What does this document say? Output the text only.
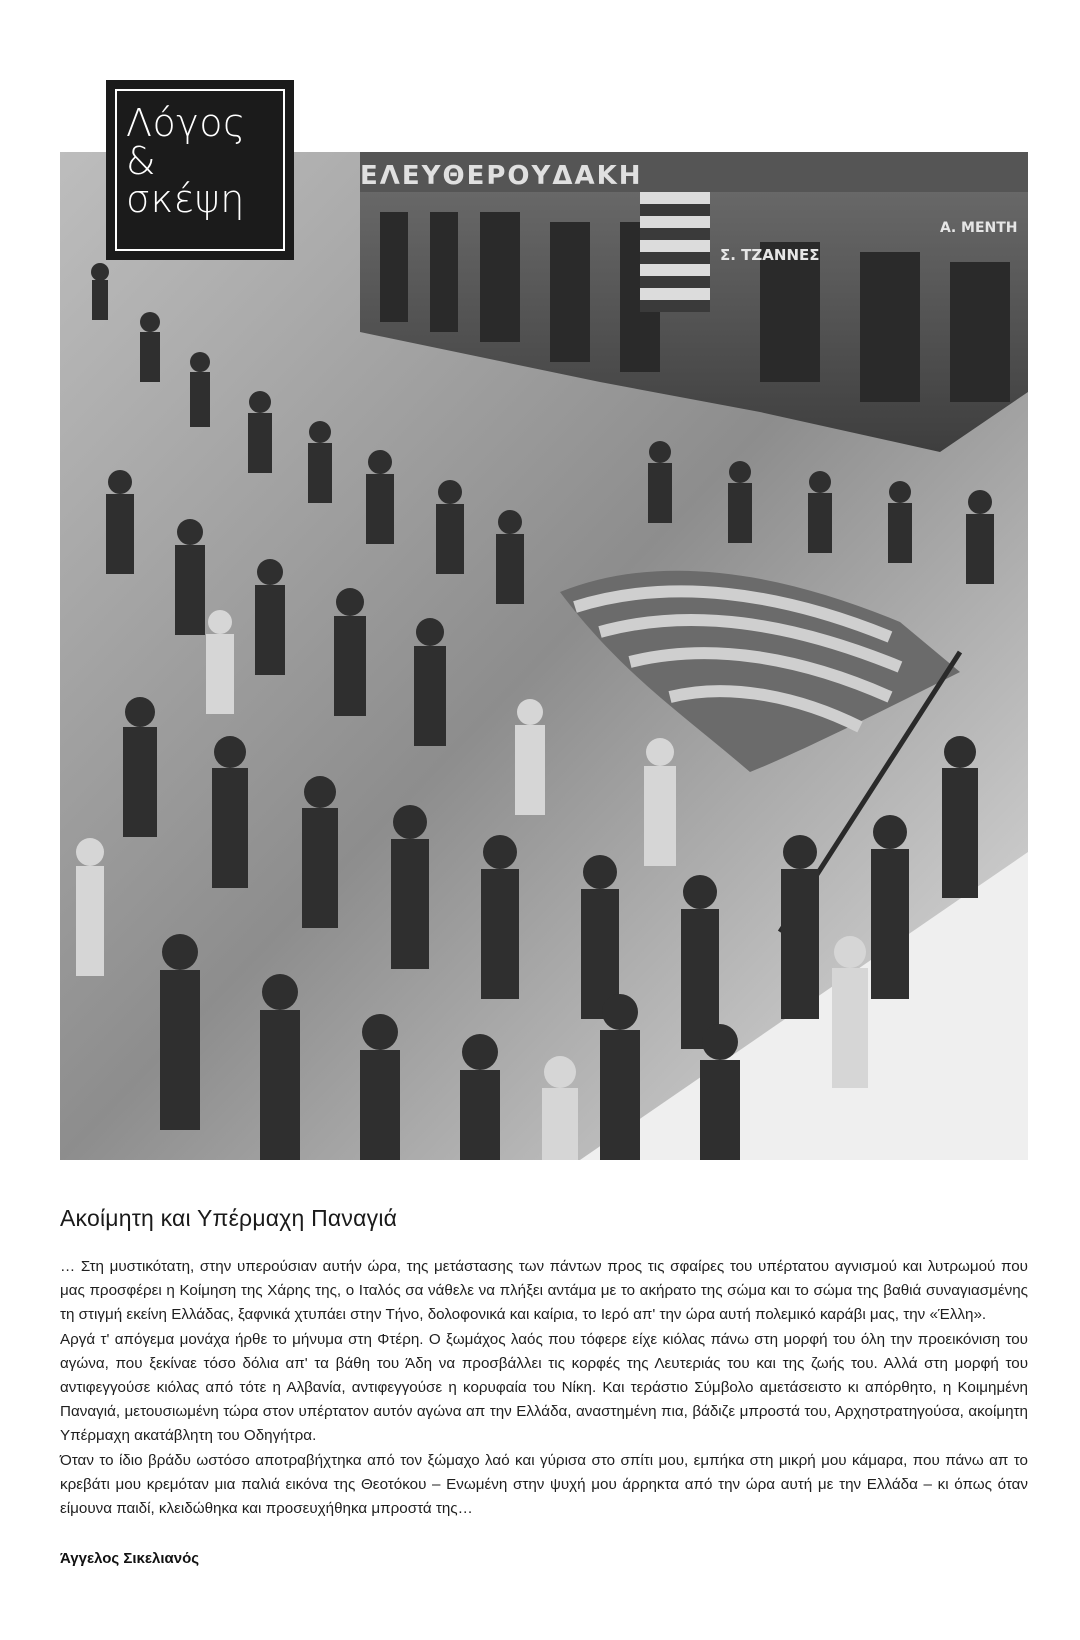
ΕΛΕΥΘΕΡΟΥΔΑΚΗ
Σ. ΤΖΑΝΝΕΣ
Α. ΜΕΝΤΗ
Λόγος
&
σκέψη
Ακοίμητη και Υπέρμαχη Παναγιά

… Στη μυστικότατη, στην υπερούσιαν αυτήν ώρα, της μετάστασης των πάντων προς τις σφαίρες του υπέρτατου αγνισμού και λυτρωμού που μας προσφέρει η Κοίμηση της Χάρης της, ο Ιταλός σα νάθελε να πλήξει αντάμα με το ακήρατο της σώμα και το σώμα της βαθιά συναγιασμένης τη στιγμή εκείνη Ελλάδας, ξαφνικά χτυπάει στην Τήνο, δολοφονικά και καίρια, το Ιερό απ' την ώρα αυτή πολεμικό καράβι μας, την «Έλλη».

Αργά τ' απόγεμα μονάχα ήρθε το μήνυμα στη Φτέρη. Ο ξωμάχος λαός που τόφερε είχε κιόλας πάνω στη μορφή του όλη την προεικόνιση του αγώνα, που ξεκίναε τόσο δόλια απ' τα βάθη του Άδη να προσβάλλει τις κορφές της Λευτεριάς του και της ζωής του. Αλλά στη μορφή του αντιφεγγούσε κιόλας από τότε η Αλβανία, αντιφεγγούσε η κορυφαία του Νίκη. Και τεράστιο Σύμβολο αμετάσειστο κι απόρθητο, η Κοιμημένη Παναγιά, μετουσιωμένη τώρα στον υπέρτατον αυτόν αγώνα απ την Ελλάδα, αναστημένη πια, βάδιζε μπροστά του, Αρχηστρατηγούσα, ακοίμητη Υπέρμαχη ακατάβλητη του Οδηγήτρα.

Όταν το ίδιο βράδυ ωστόσο αποτραβήχτηκα από τον ξώμαχο λαό και γύρισα στο σπίτι μου, εμπήκα στη μικρή μου κάμαρα, που πάνω απ το κρεβάτι μου κρεμόταν μια παλιά εικόνα της Θεοτόκου – Ενωμένη στην ψυχή μου άρρηκτα από την ώρα αυτή με την Ελλάδα – κι όπως όταν είμουνα παιδί, κλειδώθηκα και προσευχήθηκα μπροστά της…

Άγγελος Σικελιανός
